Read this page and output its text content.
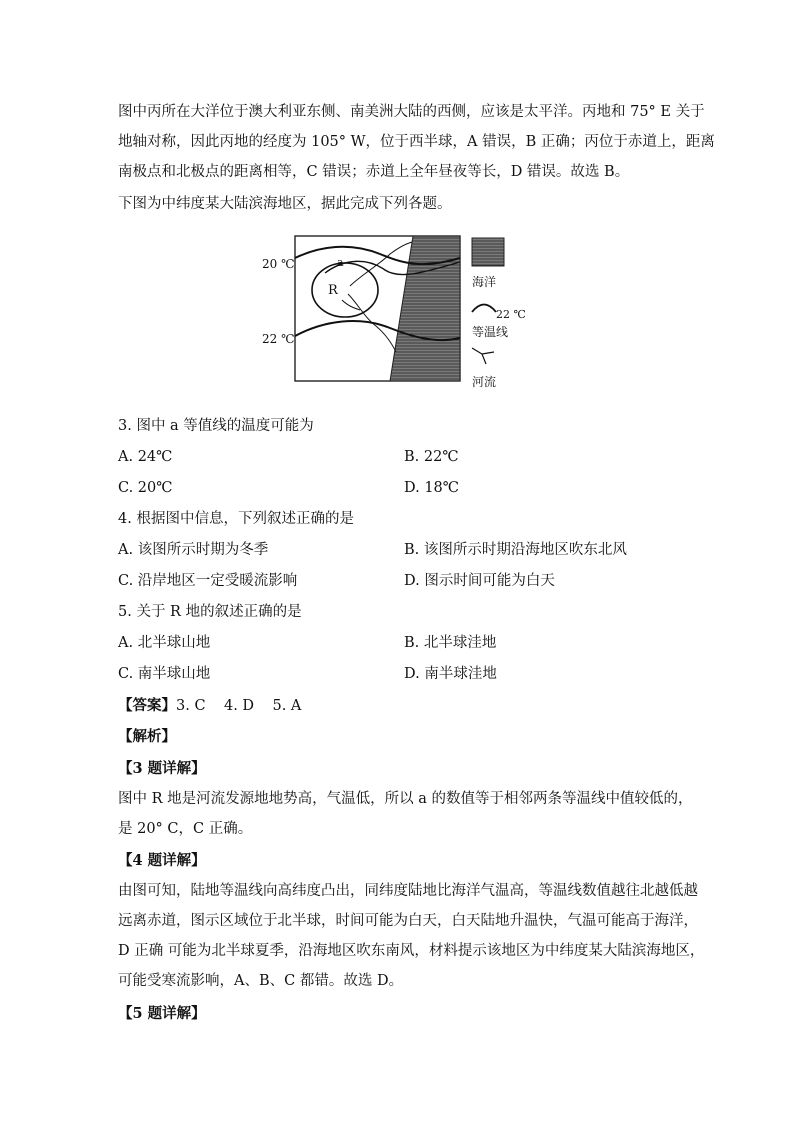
图中丙所在大洋位于澳大利亚东侧、南美洲大陆的西侧，应该是太平洋。丙地和 75° E 关于
地轴对称，因此丙地的经度为 105° W，位于西半球，A 错误，B 正确；丙位于赤道上，距离
南极点和北极点的距离相等，C 错误；赤道上全年昼夜等长，D 错误。故选 B。
下图为中纬度某大陆滨海地区，据此完成下列各题。
20 ℃
22 ℃
a
R
海洋
22 ℃
等温线
河流
3. 图中 a 等值线的温度可能为
A. 24℃	B. 22℃
C. 20℃	D. 18℃
4. 根据图中信息，下列叙述正确的是
A. 该图所示时期为冬季	B. 该图所示时期沿海地区吹东北风
C. 沿岸地区一定受暖流影响	D. 图示时间可能为白天
5. 关于 R 地的叙述正确的是
A. 北半球山地	B. 北半球洼地
C. 南半球山地	D. 南半球洼地
【答案】3. C    4. D    5. A
【解析】
【3 题详解】
图中 R 地是河流发源地地势高，气温低，所以 a 的数值等于相邻两条等温线中值较低的，
是 20° C，C 正确。
【4 题详解】
由图可知，陆地等温线向高纬度凸出，同纬度陆地比海洋气温高，等温线数值越往北越低越
远离赤道，图示区域位于北半球，时间可能为白天，白天陆地升温快，气温可能高于海洋，
D 正确 可能为北半球夏季，沿海地区吹东南风，材料提示该地区为中纬度某大陆滨海地区，
可能受寒流影响，A、B、C 都错。故选 D。
【5 题详解】
